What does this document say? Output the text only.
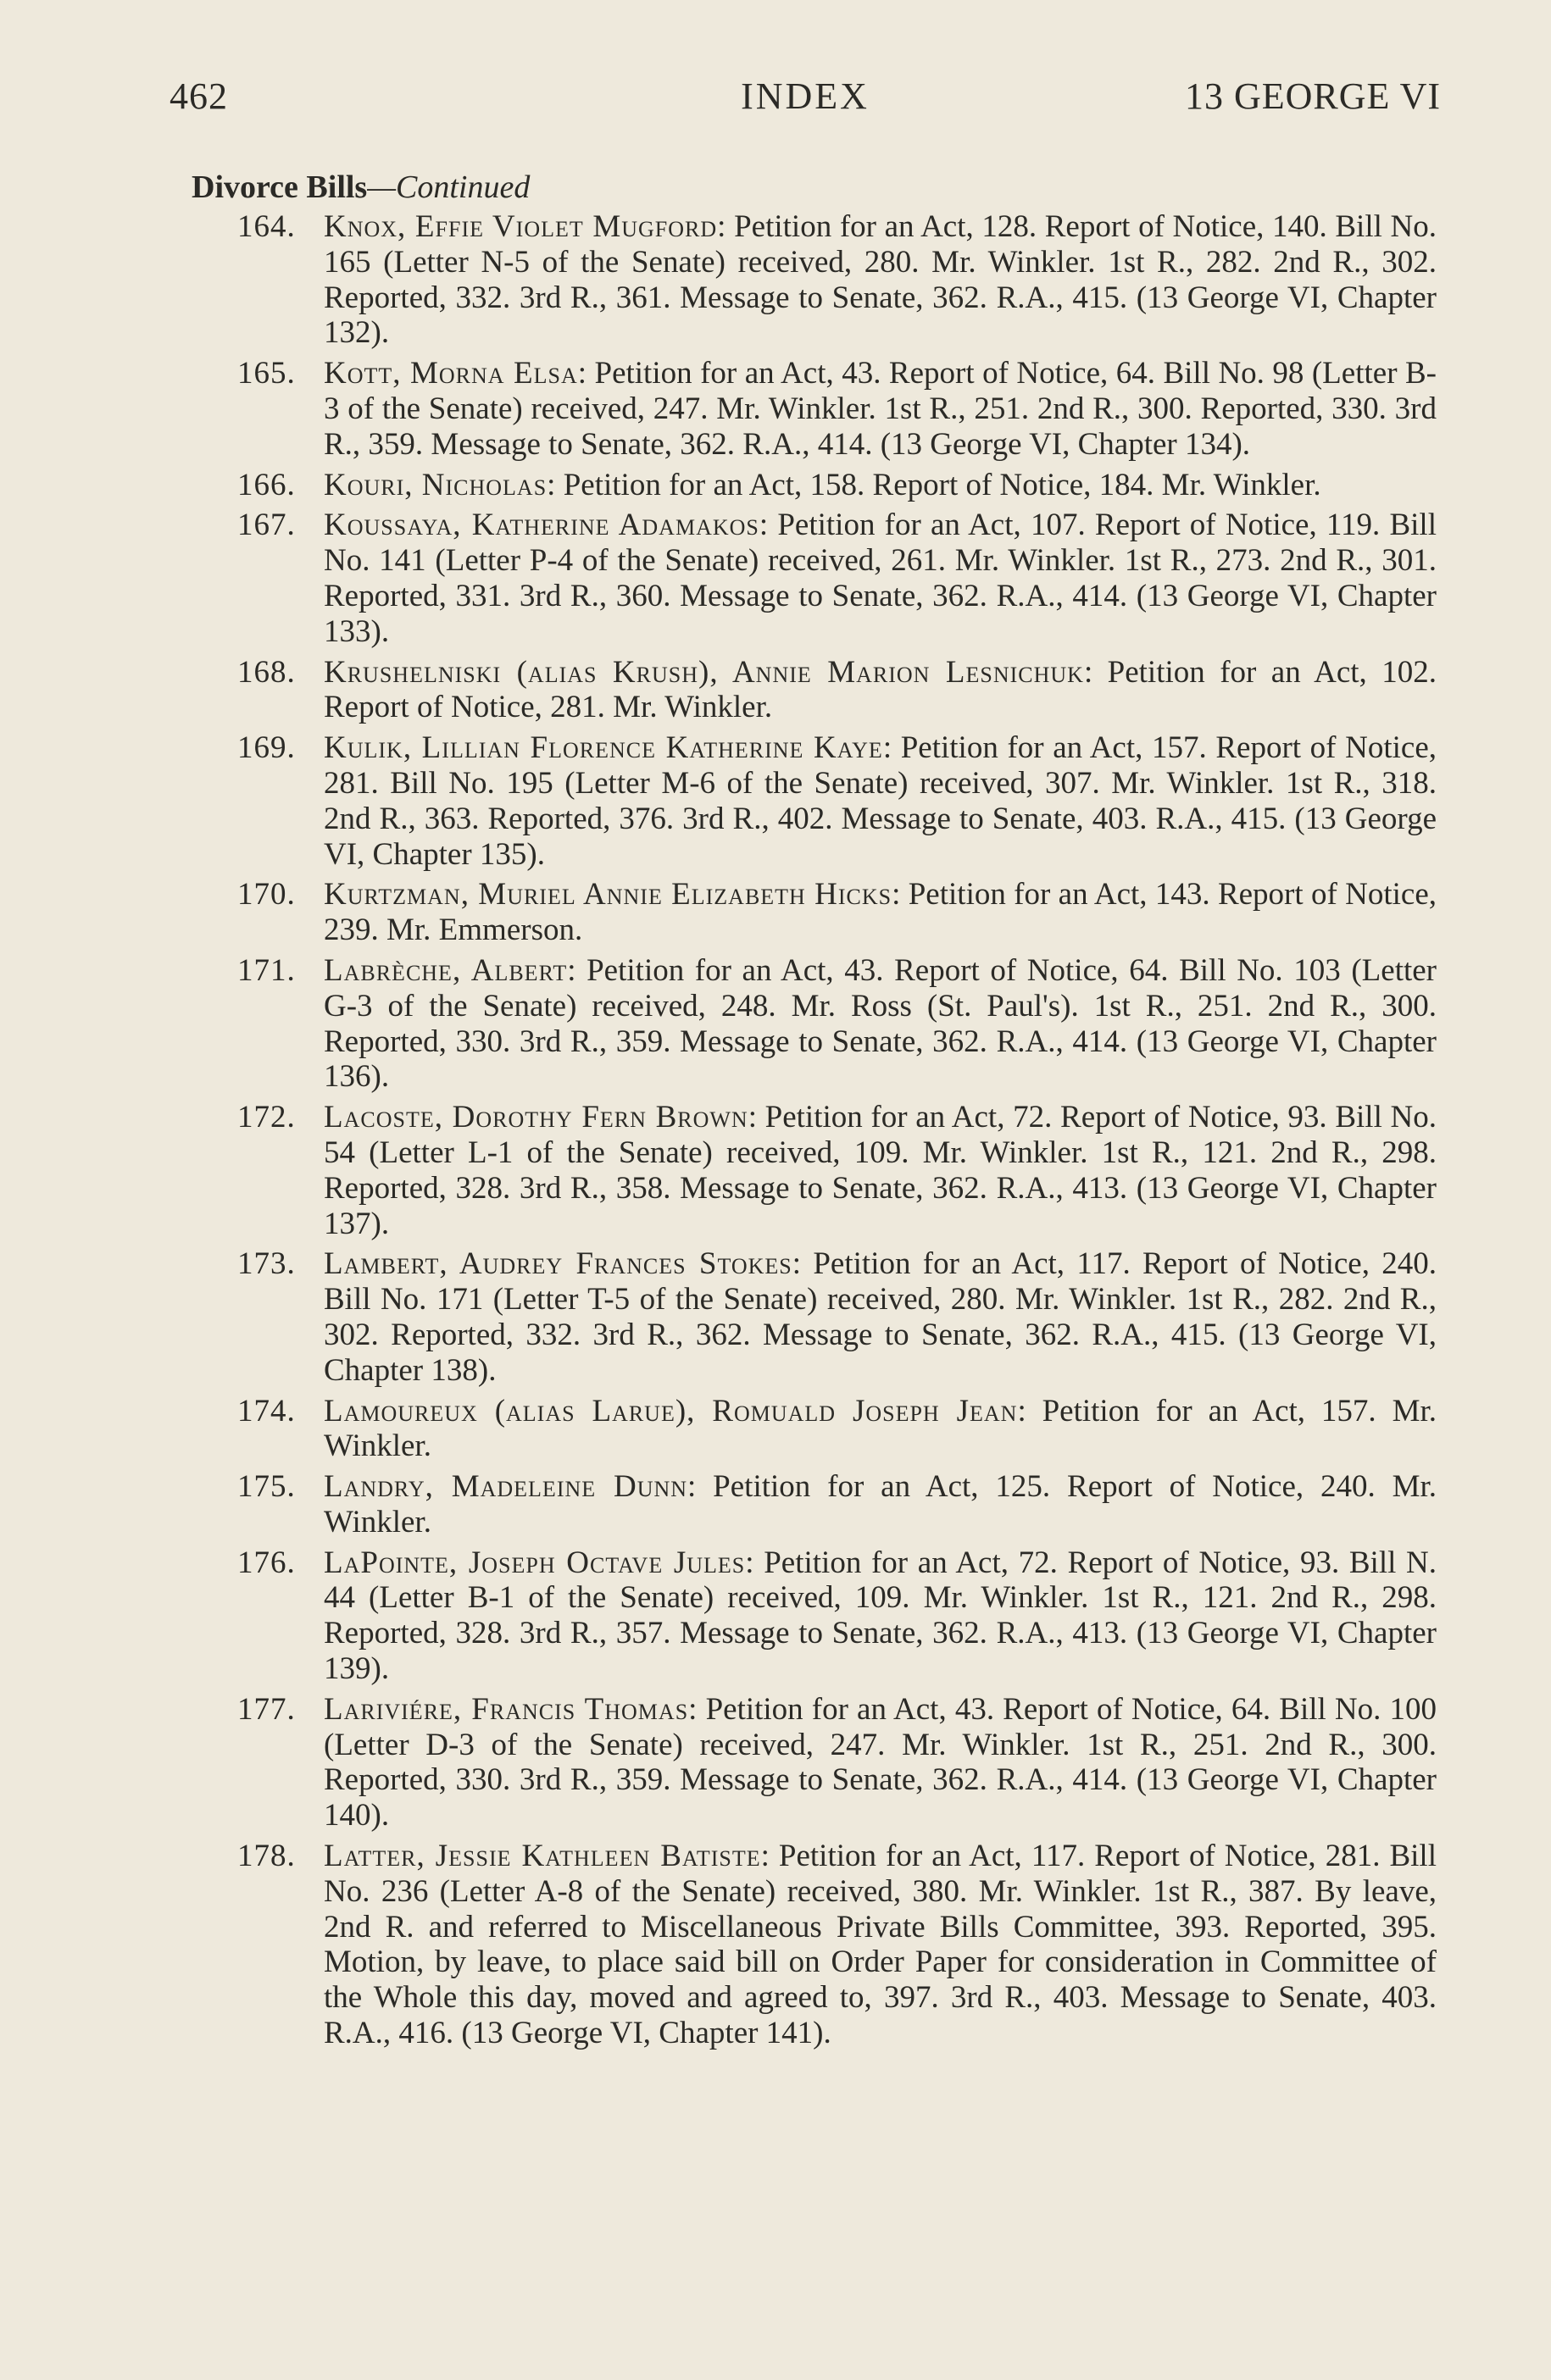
462	INDEX	13 GEORGE VI
Divorce Bills—Continued
164. Knox, Effie Violet Mugford: Petition for an Act, 128. Report of Notice, 140. Bill No. 165 (Letter N-5 of the Senate) received, 280. Mr. Winkler. 1st R., 282. 2nd R., 302. Reported, 332. 3rd R., 361. Message to Senate, 362. R.A., 415. (13 George VI, Chapter 132).
165. Kott, Morna Elsa: Petition for an Act, 43. Report of Notice, 64. Bill No. 98 (Letter B-3 of the Senate) received, 247. Mr. Winkler. 1st R., 251. 2nd R., 300. Reported, 330. 3rd R., 359. Message to Senate, 362. R.A., 414. (13 George VI, Chapter 134).
166. Kouri, Nicholas: Petition for an Act, 158. Report of Notice, 184. Mr. Winkler.
167. Koussaya, Katherine Adamakos: Petition for an Act, 107. Report of Notice, 119. Bill No. 141 (Letter P-4 of the Senate) received, 261. Mr. Winkler. 1st R., 273. 2nd R., 301. Reported, 331. 3rd R., 360. Message to Senate, 362. R.A., 414. (13 George VI, Chapter 133).
168. Krushelniski (alias Krush), Annie Marion Lesnichuk: Petition for an Act, 102. Report of Notice, 281. Mr. Winkler.
169. Kulik, Lillian Florence Katherine Kaye: Petition for an Act, 157. Report of Notice, 281. Bill No. 195 (Letter M-6 of the Senate) received, 307. Mr. Winkler. 1st R., 318. 2nd R., 363. Reported, 376. 3rd R., 402. Message to Senate, 403. R.A., 415. (13 George VI, Chapter 135).
170. Kurtzman, Muriel Annie Elizabeth Hicks: Petition for an Act, 143. Report of Notice, 239. Mr. Emmerson.
171. Labrèche, Albert: Petition for an Act, 43. Report of Notice, 64. Bill No. 103 (Letter G-3 of the Senate) received, 248. Mr. Ross (St. Paul's). 1st R., 251. 2nd R., 300. Reported, 330. 3rd R., 359. Message to Senate, 362. R.A., 414. (13 George VI, Chapter 136).
172. Lacoste, Dorothy Fern Brown: Petition for an Act, 72. Report of Notice, 93. Bill No. 54 (Letter L-1 of the Senate) received, 109. Mr. Winkler. 1st R., 121. 2nd R., 298. Reported, 328. 3rd R., 358. Message to Senate, 362. R.A., 413. (13 George VI, Chapter 137).
173. Lambert, Audrey Frances Stokes: Petition for an Act, 117. Report of Notice, 240. Bill No. 171 (Letter T-5 of the Senate) received, 280. Mr. Winkler. 1st R., 282. 2nd R., 302. Reported, 332. 3rd R., 362. Message to Senate, 362. R.A., 415. (13 George VI, Chapter 138).
174. Lamoureux (alias Larue), Romuald Joseph Jean: Petition for an Act, 157. Mr. Winkler.
175. Landry, Madeleine Dunn: Petition for an Act, 125. Report of Notice, 240. Mr. Winkler.
176. LaPointe, Joseph Octave Jules: Petition for an Act, 72. Report of Notice, 93. Bill N. 44 (Letter B-1 of the Senate) received, 109. Mr. Winkler. 1st R., 121. 2nd R., 298. Reported, 328. 3rd R., 357. Message to Senate, 362. R.A., 413. (13 George VI, Chapter 139).
177. Lariviére, Francis Thomas: Petition for an Act, 43. Report of Notice, 64. Bill No. 100 (Letter D-3 of the Senate) received, 247. Mr. Winkler. 1st R., 251. 2nd R., 300. Reported, 330. 3rd R., 359. Message to Senate, 362. R.A., 414. (13 George VI, Chapter 140).
178. Latter, Jessie Kathleen Batiste: Petition for an Act, 117. Report of Notice, 281. Bill No. 236 (Letter A-8 of the Senate) received, 380. Mr. Winkler. 1st R., 387. By leave, 2nd R. and referred to Miscellaneous Private Bills Committee, 393. Reported, 395. Motion, by leave, to place said bill on Order Paper for consideration in Committee of the Whole this day, moved and agreed to, 397. 3rd R., 403. Message to Senate, 403. R.A., 416. (13 George VI, Chapter 141).
